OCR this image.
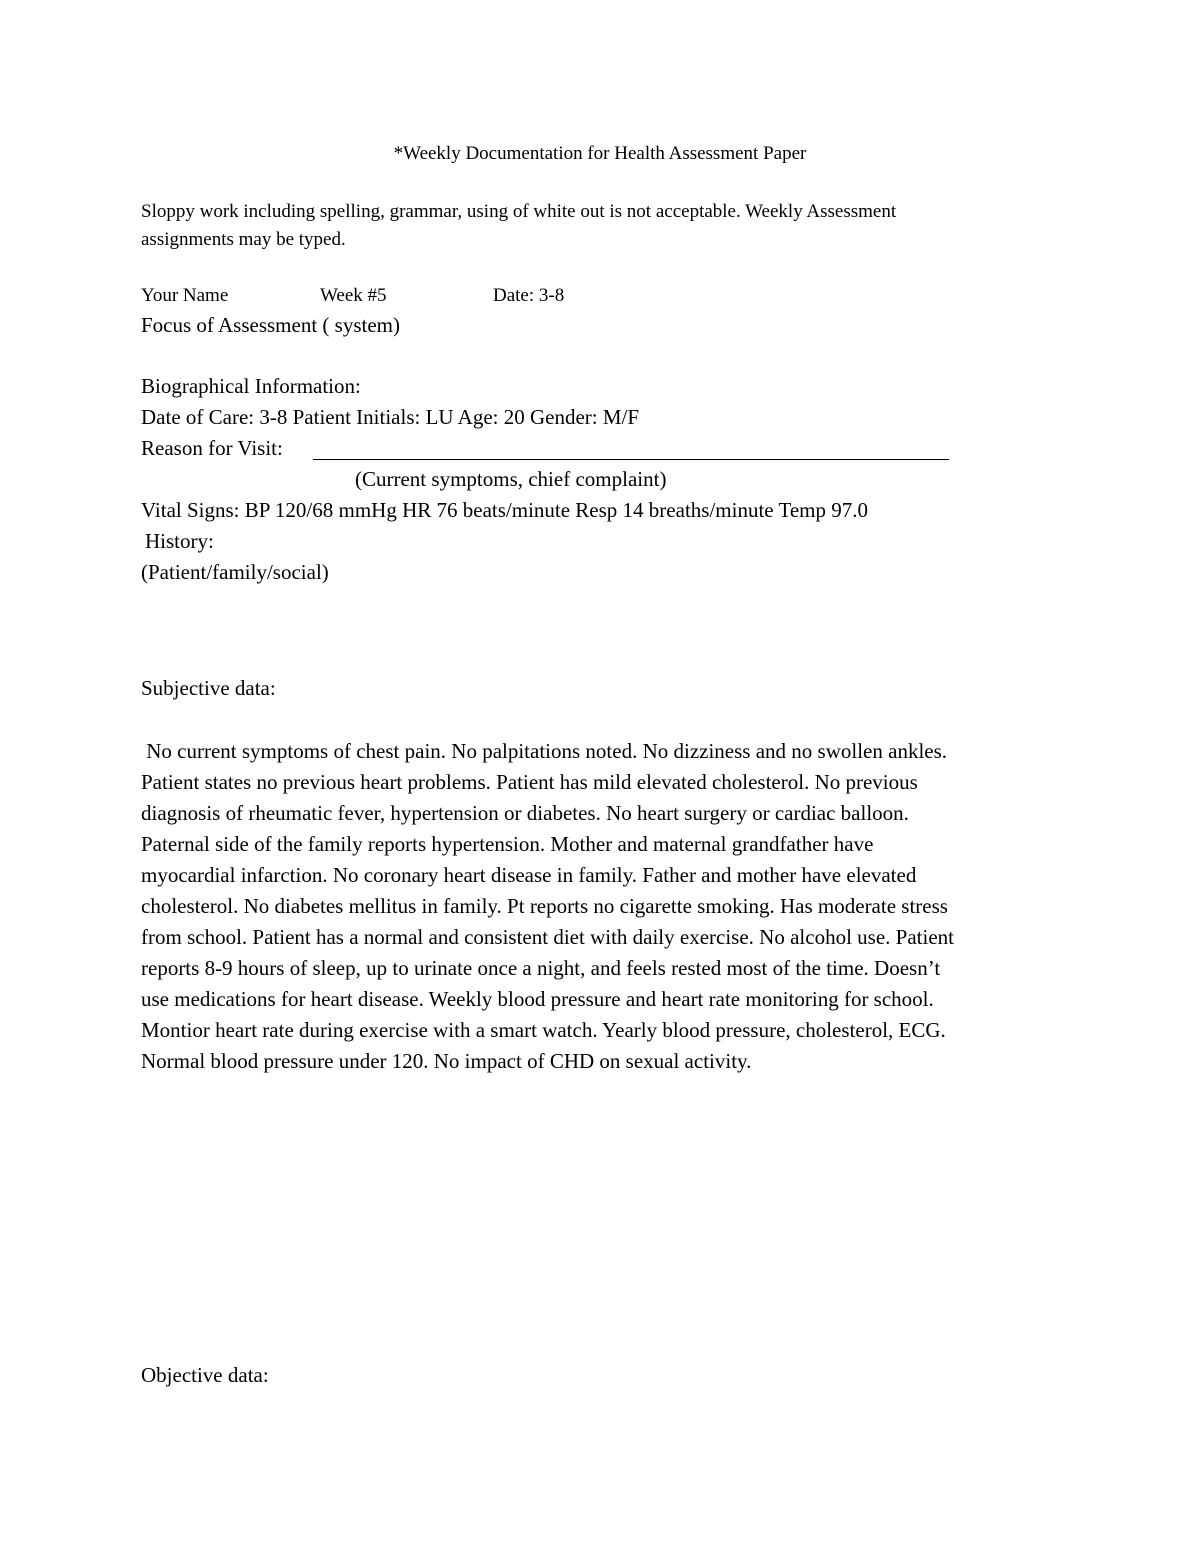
*Weekly Documentation for Health Assessment Paper
Sloppy work including spelling, grammar, using of white out is not acceptable. Weekly Assessment
assignments may be typed.
Your Name	Week #5	Date: 3-8
Focus of Assessment ( system)
Biographical Information:
Date of Care: 3-8 Patient Initials: LU Age: 20 Gender: M/F
Reason for Visit:
(Current symptoms, chief complaint)
Vital Signs: BP 120/68 mmHg HR 76 beats/minute Resp 14 breaths/minute Temp 97.0
History:
(Patient/family/social)
Subjective data:
No current symptoms of chest pain. No palpitations noted. No dizziness and no swollen ankles.
Patient states no previous heart problems. Patient has mild elevated cholesterol. No previous
diagnosis of rheumatic fever, hypertension or diabetes. No heart surgery or cardiac balloon.
Paternal side of the family reports hypertension. Mother and maternal grandfather have
myocardial infarction. No coronary heart disease in family. Father and mother have elevated
cholesterol. No diabetes mellitus in family. Pt reports no cigarette smoking. Has moderate stress
from school. Patient has a normal and consistent diet with daily exercise. No alcohol use. Patient
reports 8-9 hours of sleep, up to urinate once a night, and feels rested most of the time. Doesn’t
use medications for heart disease. Weekly blood pressure and heart rate monitoring for school.
Montior heart rate during exercise with a smart watch. Yearly blood pressure, cholesterol, ECG.
Normal blood pressure under 120. No impact of CHD on sexual activity.
Objective data:
